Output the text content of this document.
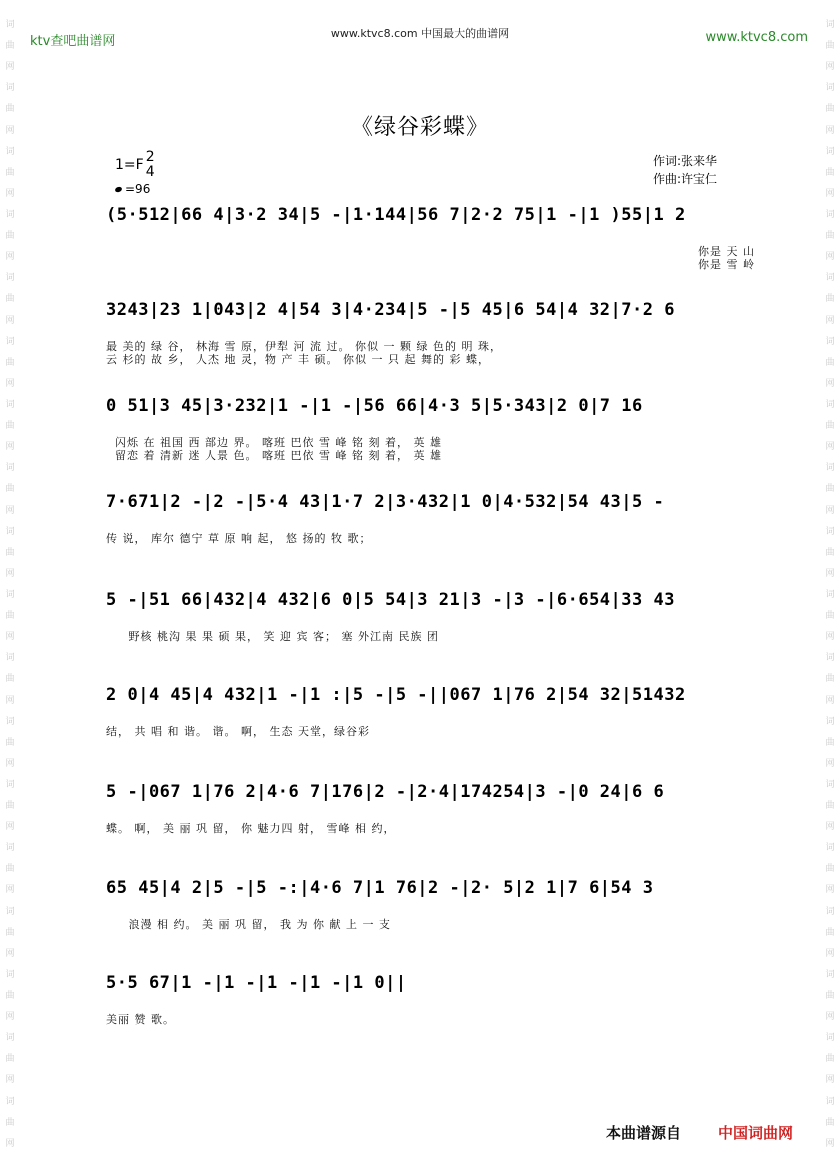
词
曲
网
词
曲
网
词
曲
网
词
曲
网
词
曲
网
词
曲
网
词
曲
网
词
曲
网
词
曲
网
词
曲
网
词
曲
网
词
曲
网
词
曲
网
词
曲
网
词
曲
网
词
曲
网
词
曲
网
词
曲
网
词
曲
网
词
曲
网
词
曲
网
词
曲
网
词
曲
网
词
曲
网
词
曲
网
词
曲
网
词
曲
网
词
曲
网
词
曲
网
词
曲
网
词
曲
网
词
曲
网
词
曲
网
词
曲
网
词
曲
网
词
曲
网
ktv查吧曲谱网
www.ktvc8.com 中国最大的曲谱网	www.ktvc8.com
《绿谷彩蝶》
1=F 2
4
=96
作词:张来华
作曲:许宝仁
(5·512|66 4|3·2 34|5 -|1·144|56 7|2·2 75|1 -|1 )55|1 2
你是 天 山
你是 雪 岭
3243|23 1|043|2 4|54 3|4·234|5 -|5 45|6 54|4 32|7·2 6
最 美的 绿 谷， 林海 雪 原，伊犁 河 流 过。 你似 一 颗 绿 色的 明 珠，
云 杉的 故 乡， 人杰 地 灵，物 产 丰 硕。 你似 一 只 起 舞的 彩 蝶，
0 51|3 45|3·232|1 -|1 -|56 66|4·3 5|5·343|2 0|7 16
闪烁 在 祖国 西 部边 界。 喀班 巴依 雪 峰 铭 刻 着， 英 雄
留恋 着 清新 迷 人景 色。 喀班 巴依 雪 峰 铭 刻 着， 英 雄
7·671|2 -|2 -|5·4 43|1·7 2|3·432|1 0|4·532|54 43|5 -
传 说， 库尔 德宁 草 原 响 起， 悠 扬的 牧 歌；
5 -|51 66|432|4 432|6 0|5 54|3 21|3 -|3 -|6·654|33 43
野核 桃沟 果 果 硕 果， 笑 迎 宾 客； 塞 外江南 民族 团
2 0|4 45|4 432|1 -|1 :|5 -|5 -||067 1|76 2|54 32|51432
结， 共 唱 和 谐。 谐。 啊， 生态 天堂，绿谷彩
5 -|067 1|76 2|4·6 7|176|2 -|2·4|174254|3 -|0 24|6 6
蝶。 啊， 美 丽 巩 留， 你 魅力四 射， 雪峰 相 约，
65 45|4 2|5 -|5 -:|4·6 7|1 76|2 -|2· 5|2 1|7 6|54 3
浪漫 相 约。 美 丽 巩 留， 我 为 你 献 上 一 支
5·5 67|1 -|1 -|1 -|1 -|1 0||
美丽 赞 歌。
本曲谱源自 中国词曲网
